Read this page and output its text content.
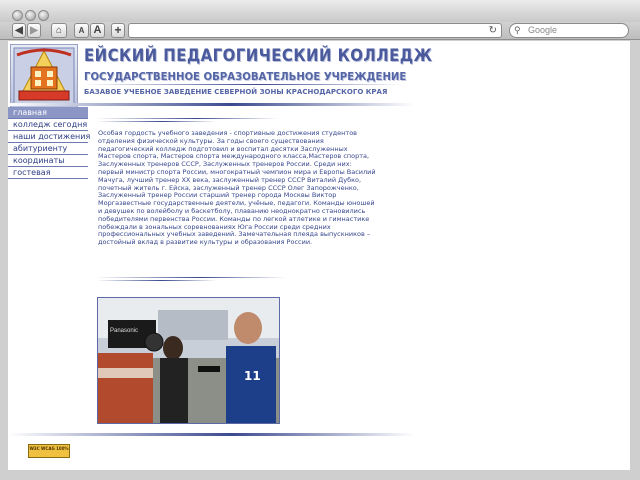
◀ ▶	⌂	A A +	↻ ⚲ Google
ЕЙСКИЙ ПЕДАГОГИЧЕСКИЙ КОЛЛЕДЖ
ГОСУДАРСТВЕННОЕ ОБРАЗОВАТЕЛЬНОЕ УЧРЕЖДЕНИЕ
БАЗАВОЕ УЧЕБНОЕ ЗАВЕДЕНИЕ СЕВЕРНОЙ ЗОНЫ КРАСНОДАРСКОГО КРАЯ
главная
колледж сегодня
наши достижения
абитуриенту
координаты
гостевая
Особая гордость учебного заведения - спортивные достижения студентов отделения физической культуры. За годы своего существования педагогический колледж подготовил и воспитал десятки Заслуженных Мастеров спорта, Мастеров спорта международного класса,Мастеров спорта, Заслуженных тренеров СССР, Заслуженных тренеров России. Среди них: первый министр спорта России, многократный чемпион мира и Европы Василий Мачуга, лучший тренер XX века, заслуженный тренер СССР Виталий Дубко, почетный житель г. Ейска, заслуженный тренер СССР Олег Запорожченко, Заслуженный тренер России старший тренер города Москвы Виктор Моргазвестные государственные деятели, учёные, педагоги. Команды юношей и девушек по волейболу и баскетболу, плаванию неоднократно становились победителями первенства России. Команды по легкой атлетике и гимнастике побеждали в зональных соревнованиях Юга России среди средних профессиональных учебных заведений. Замечательная плеяда выпускников – достойный вклад в развитие культуры и образования России.
11
Panasonic
W3C WCAG 100%
